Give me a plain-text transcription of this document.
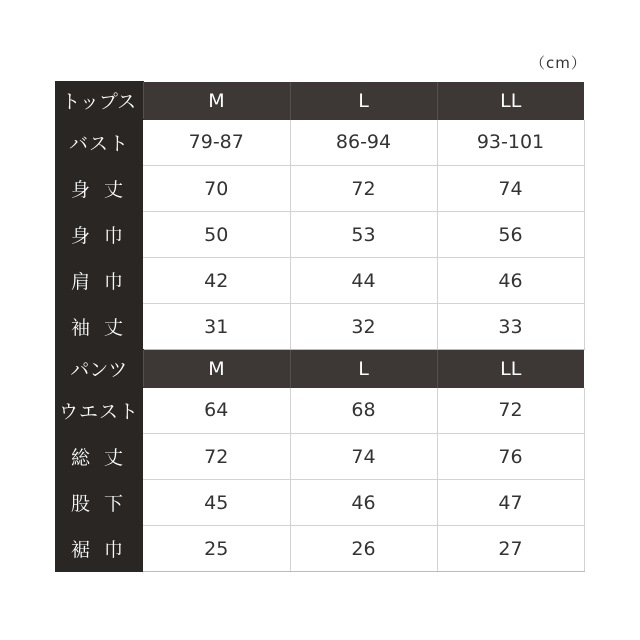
（cm）
トップス	M	L	LL
バスト	79-87	86-94	93-101
身丈	70	72	74
身巾	50	53	56
肩巾	42	44	46
袖丈	31	32	33
パンツ	M	L	LL
ウエスト	64	68	72
総丈	72	74	76
股下	45	46	47
裾巾	25	26	27
